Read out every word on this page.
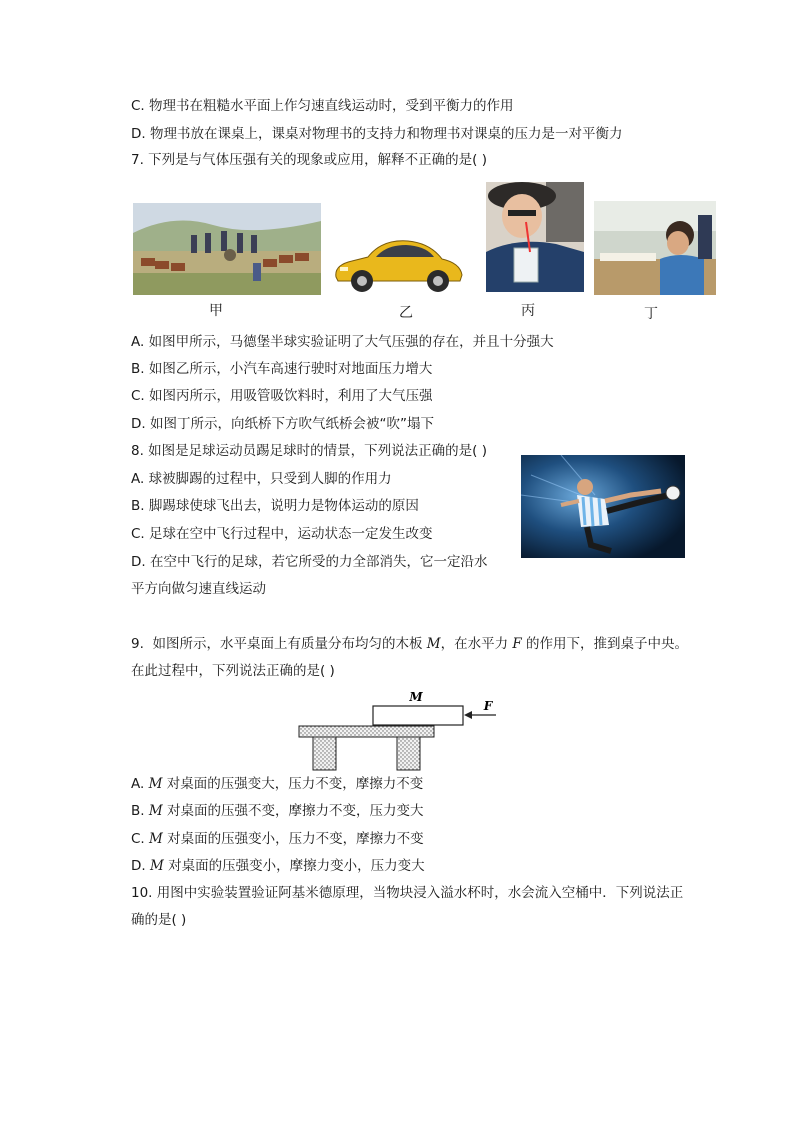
C. 物理书在粗糙水平面上作匀速直线运动时，受到平衡力的作用
D. 物理书放在课桌上，课桌对物理书的支持力和物理书对课桌的压力是一对平衡力
7. 下列是与气体压强有关的现象或应用，解释不正确的是( )
甲	乙	丙	丁
A. 如图甲所示，马德堡半球实验证明了大气压强的存在，并且十分强大
B. 如图乙所示，小汽车高速行驶时对地面压力增大
C. 如图丙所示，用吸管吸饮料时，利用了大气压强
D. 如图丁所示，向纸桥下方吹气纸桥会被“吹”塌下
8. 如图是足球运动员踢足球时的情景，下列说法正确的是( )
A. 球被脚踢的过程中，只受到人脚的作用力
B. 脚踢球使球飞出去，说明力是物体运动的原因
C. 足球在空中飞行过程中，运动状态一定发生改变
D. 在空中飞行的足球，若它所受的力全部消失，它一定沿水
平方向做匀速直线运动
9.  如图所示，水平桌面上有质量分布均匀的木板 M，在水平力 F 的作用下，推到桌子中央。
在此过程中，下列说法正确的是( )
M
F
A. M 对桌面的压强变大，压力不变，摩擦力不变
B. M 对桌面的压强不变，摩擦力不变，压力变大
C. M 对桌面的压强变小，压力不变，摩擦力不变
D. M 对桌面的压强变小，摩擦力变小，压力变大
10. 用图中实验装置验证阿基米德原理，当物块浸入溢水杯时，水会流入空桶中．下列说法正
确的是( )
